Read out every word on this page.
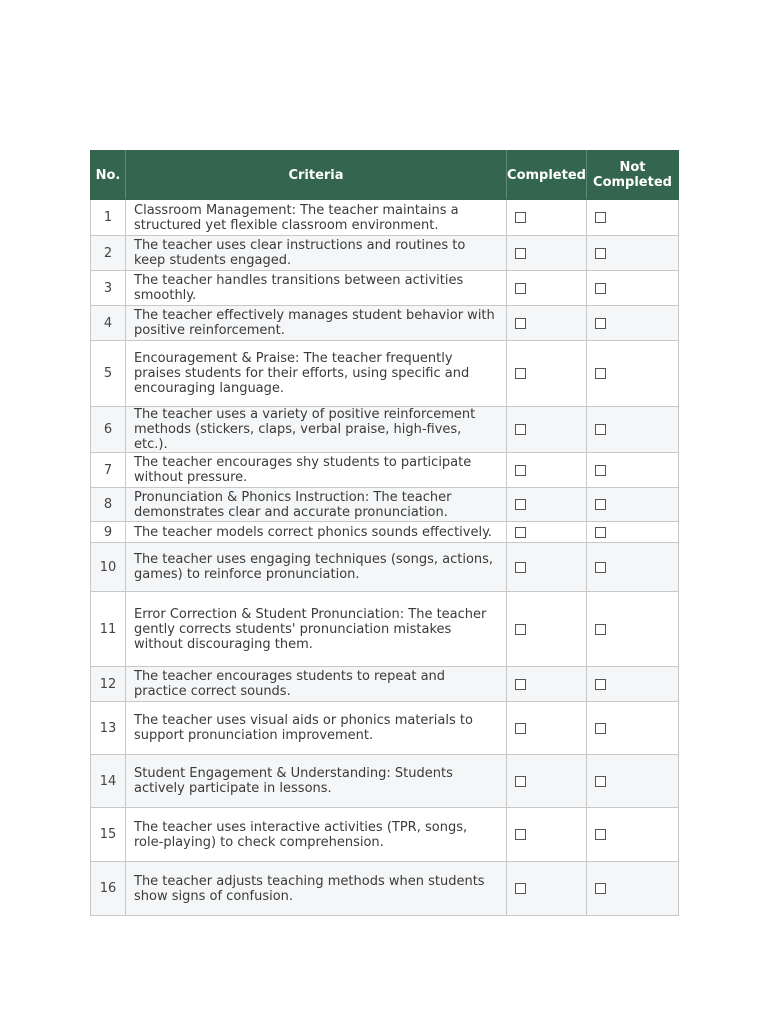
No.	Criteria	Completed	Not Completed
1	Classroom Management: The teacher maintains a structured yet flexible classroom environment.		
2	The teacher uses clear instructions and routines to keep students engaged.		
3	The teacher handles transitions between activities smoothly.		
4	The teacher effectively manages student behavior with positive reinforcement.		
5	Encouragement & Praise: The teacher frequently praises students for their efforts, using specific and encouraging language.		
6	The teacher uses a variety of positive reinforcement methods (stickers, claps, verbal praise, high-fives, etc.).		
7	The teacher encourages shy students to participate without pressure.		
8	Pronunciation & Phonics Instruction: The teacher demonstrates clear and accurate pronunciation.		
9	The teacher models correct phonics sounds effectively.		
10	The teacher uses engaging techniques (songs, actions, games) to reinforce pronunciation.		
11	Error Correction & Student Pronunciation: The teacher gently corrects students' pronunciation mistakes without discouraging them.		
12	The teacher encourages students to repeat and practice correct sounds.		
13	The teacher uses visual aids or phonics materials to support pronunciation improvement.		
14	Student Engagement & Understanding: Students actively participate in lessons.		
15	The teacher uses interactive activities (TPR, songs, role-playing) to check comprehension.		
16	The teacher adjusts teaching methods when students show signs of confusion.		
